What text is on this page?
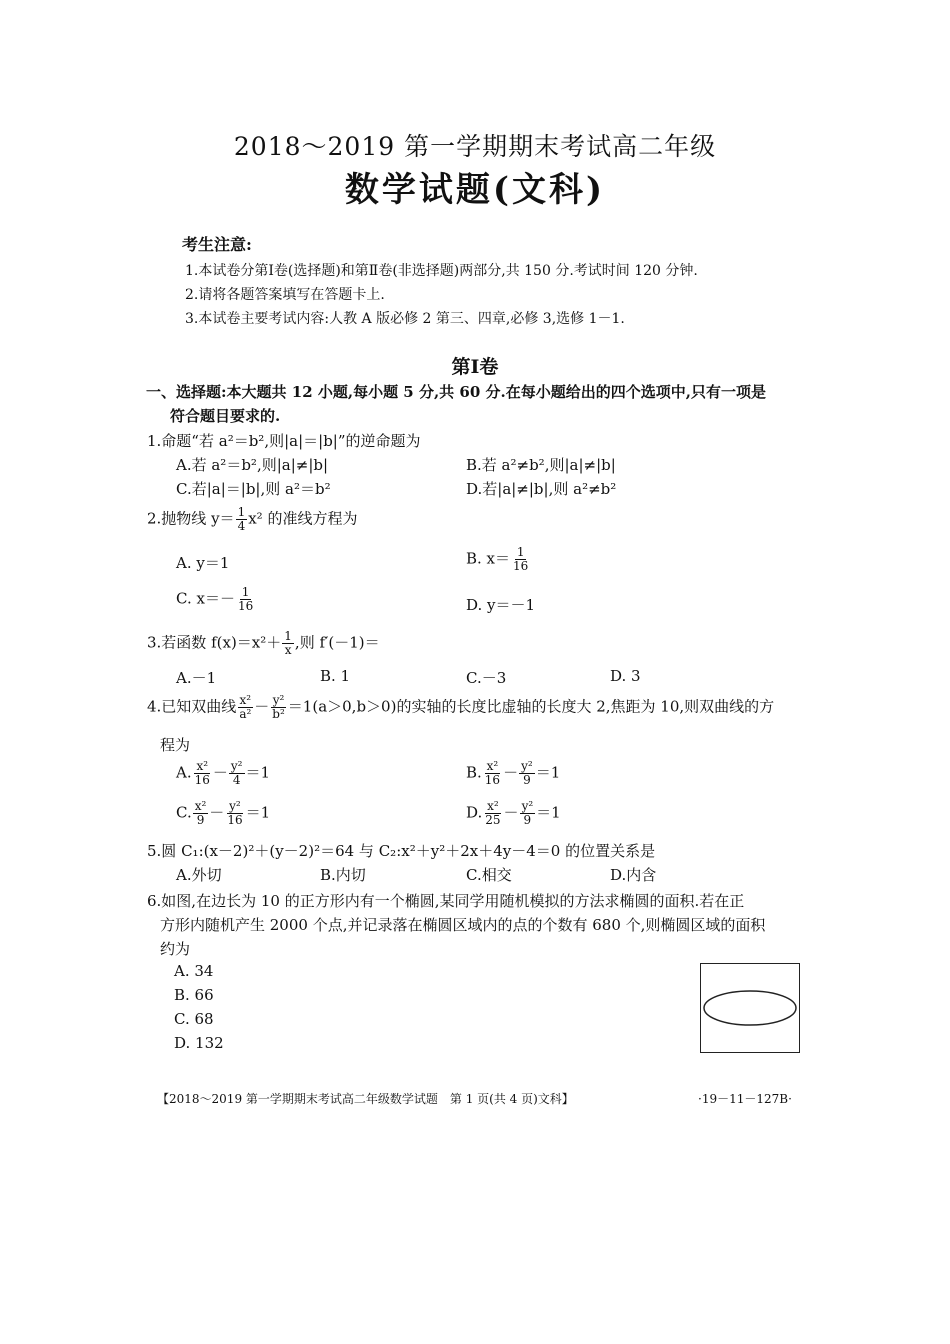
2018～2019 第一学期期末考试高二年级
数学试题(文科)
考生注意:
1.本试卷分第Ⅰ卷(选择题)和第Ⅱ卷(非选择题)两部分,共 150 分.考试时间 120 分钟.
2.请将各题答案填写在答题卡上.
3.本试卷主要考试内容:人教 A 版必修 2 第三、四章,必修 3,选修 1－1.
第Ⅰ卷
一、选择题:本大题共 12 小题,每小题 5 分,共 60 分.在每小题给出的四个选项中,只有一项是
符合题目要求的.
1.命题“若 a²＝b²,则|a|＝|b|”的逆命题为
A.若 a²＝b²,则|a|≠|b|	B.若 a²≠b²,则|a|≠|b|
C.若|a|＝|b|,则 a²＝b²	D.若|a|≠|b|,则 a²≠b²
2.抛物线 $y= \frac{1}{4} x^2$ 的准线方程为
A. y＝1	B. $x= \frac{1}{16}$
C. $x=- \frac{1}{16}$	D. y＝－1
3.若函数 $f(x)=x^2+ \frac{1}{x}$ ,则 f′(－1)＝
A.－1	B. 1	C.－3	D. 3
4.已知双曲线 $\frac{\text{x²}}{\text{a²}} - \frac{\text{y²}}{\text{b²}} =1(a>0,b>0)$的实轴的长度比虚轴的长度大 2,焦距为 10,则双曲线的方
程为
A. $\frac{\text{x²}}{16} - \frac{\text{y²}}{4} =1$	B. $\frac{\text{x²}}{16} - \frac{\text{y²}}{9} =1$
C. $\frac{\text{x²}}{9} - \frac{\text{y²}}{16} =1$	D. $\frac{\text{x²}}{25} - \frac{\text{y²}}{9} =1$
5.圆 C₁:(x－2)²＋(y－2)²＝64 与 C₂:x²＋y²＋2x＋4y－4＝0 的位置关系是
A.外切	B.内切	C.相交	D.内含
6.如图,在边长为 10 的正方形内有一个椭圆,某同学用随机模拟的方法求椭圆的面积.若在正
方形内随机产生 2000 个点,并记录落在椭圆区域内的点的个数有 680 个,则椭圆区域的面积
约为
A. 34
B. 66
C. 68
D. 132
【2018～2019 第一学期期末考试高二年级数学试题　第 1 页(共 4 页)文科】	·19－11－127B·
